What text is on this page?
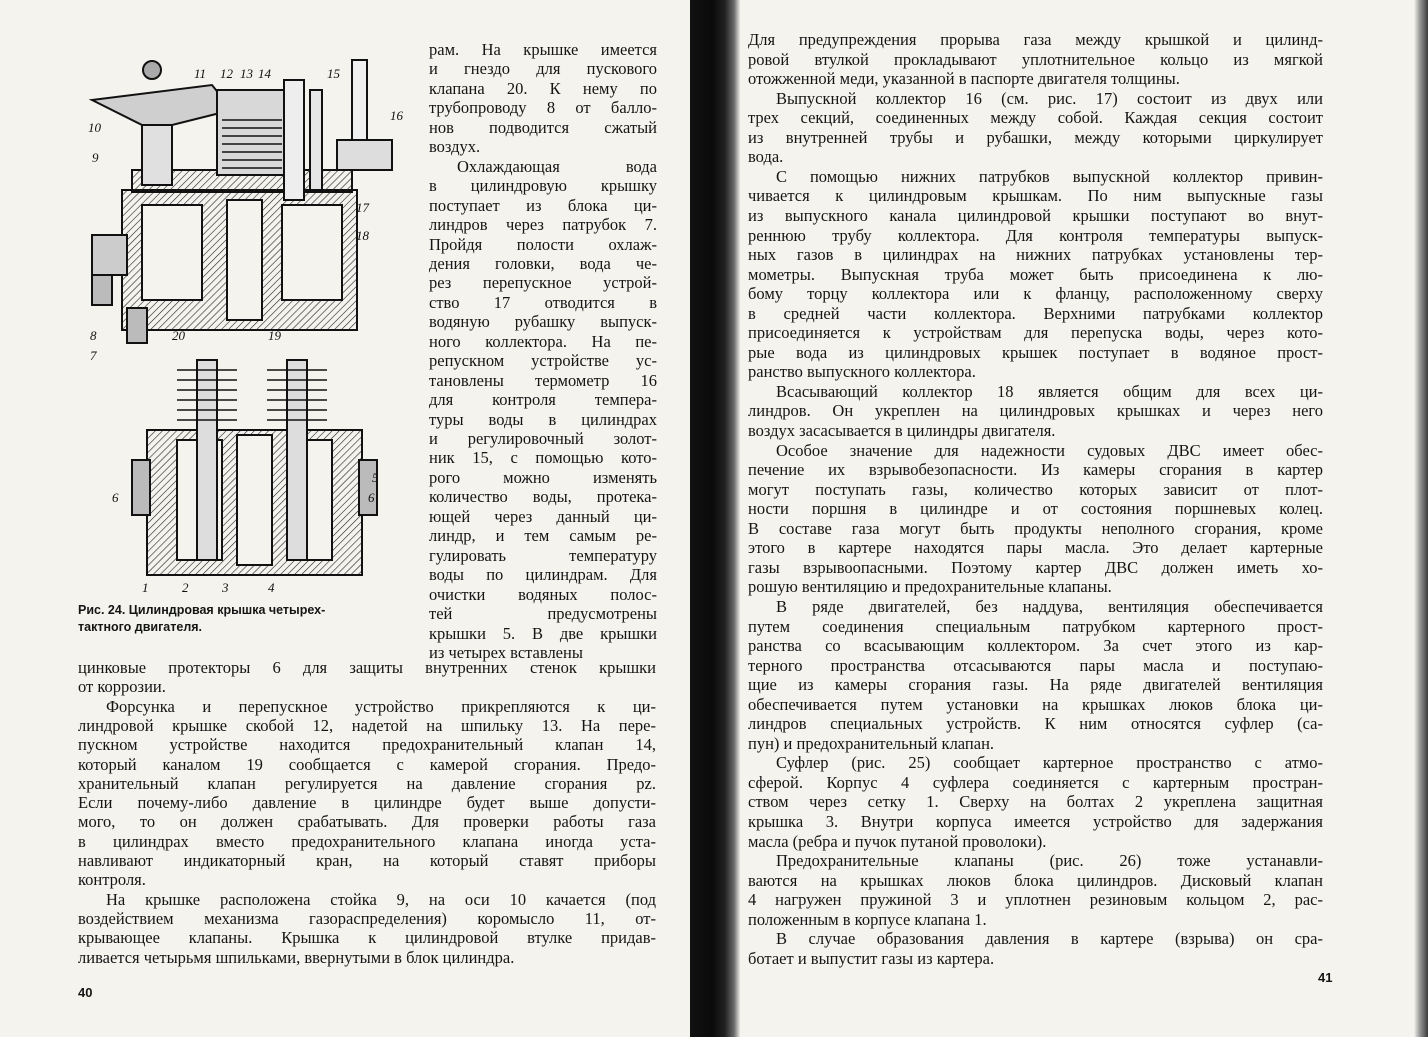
11 12 13 14	15
16
10
9
17
18
8
7
20	19
1	2	3	4
5
6	6
Рис. 24. Цилиндровая крышка четырех-
тактного двигателя.
рам. На крышке имеется
и гнездо для пускового
клапана 20. К нему по
трубопроводу 8 от балло-
нов подводится сжатый
воздух.
Охлаждающая вода
в цилиндровую крышку
поступает из блока ци-
линдров через патрубок 7.
Пройдя полости охлаж-
дения головки, вода че-
рез перепускное устрой-
ство 17 отводится в
водяную рубашку выпуск-
ного коллектора. На пе-
репускном устройстве ус-
тановлены термометр 16
для контроля темпера-
туры воды в цилиндрах
и регулировочный золот-
ник 15, с помощью кото-
рого можно изменять
количество воды, протека-
ющей через данный ци-
линдр, и тем самым ре-
гулировать температуру
воды по цилиндрам. Для
очистки водяных полос-
тей предусмотрены
крышки 5. В две крышки
из четырех вставлены
цинковые протекторы 6 для защиты внутренних стенок крышки
от коррозии.
Форсунка и перепускное устройство прикрепляются к ци-
линдровой крышке скобой 12, надетой на шпильку 13. На пере-
пускном устройстве находится предохранительный клапан 14,
который каналом 19 сообщается с камерой сгорания. Предо-
хранительный клапан регулируется на давление сгорания pz.
Если почему-либо давление в цилиндре будет выше допусти-
мого, то он должен срабатывать. Для проверки работы газа
в цилиндрах вместо предохранительного клапана иногда уста-
навливают индикаторный кран, на который ставят приборы
контроля.
На крышке расположена стойка 9, на оси 10 качается (под
воздействием механизма газораспределения) коромысло 11, от-
крывающее клапаны. Крышка к цилиндровой втулке придав-
ливается четырьмя шпильками, ввернутыми в блок цилиндра.
Для предупреждения прорыва газа между крышкой и цилинд-
ровой втулкой прокладывают уплотнительное кольцо из мягкой
отожженной меди, указанной в паспорте двигателя толщины.
Выпускной коллектор 16 (см. рис. 17) состоит из двух или
трех секций, соединенных между собой. Каждая секция состоит
из внутренней трубы и рубашки, между которыми циркулирует
вода.
С помощью нижних патрубков выпускной коллектор привин-
чивается к цилиндровым крышкам. По ним выпускные газы
из выпускного канала цилиндровой крышки поступают во внут-
реннюю трубу коллектора. Для контроля температуры выпуск-
ных газов в цилиндрах на нижних патрубках установлены тер-
мометры. Выпускная труба может быть присоединена к лю-
бому торцу коллектора или к фланцу, расположенному сверху
в средней части коллектора. Верхними патрубками коллектор
присоединяется к устройствам для перепуска воды, через кото-
рые вода из цилиндровых крышек поступает в водяное прост-
ранство выпускного коллектора.
Всасывающий коллектор 18 является общим для всех ци-
линдров. Он укреплен на цилиндровых крышках и через него
воздух засасывается в цилиндры двигателя.
Особое значение для надежности судовых ДВС имеет обес-
печение их взрывобезопасности. Из камеры сгорания в картер
могут поступать газы, количество которых зависит от плот-
ности поршня в цилиндре и от состояния поршневых колец.
В составе газа могут быть продукты неполного сгорания, кроме
этого в картере находятся пары масла. Это делает картерные
газы взрывоопасными. Поэтому картер ДВС должен иметь хо-
рошую вентиляцию и предохранительные клапаны.
В ряде двигателей, без наддува, вентиляция обеспечивается
путем соединения специальным патрубком картерного прост-
ранства со всасывающим коллектором. За счет этого из кар-
терного пространства отсасываются пары масла и поступаю-
щие из камеры сгорания газы. На ряде двигателей вентиляция
обеспечивается путем установки на крышках люков блока ци-
линдров специальных устройств. К ним относятся суфлер (са-
пун) и предохранительный клапан.
Суфлер (рис. 25) сообщает картерное пространство с атмо-
сферой. Корпус 4 суфлера соединяется с картерным простран-
ством через сетку 1. Сверху на болтах 2 укреплена защитная
крышка 3. Внутри корпуса имеется устройство для задержания
масла (ребра и пучок путаной проволоки).
Предохранительные клапаны (рис. 26) тоже устанавли-
ваются на крышках люков блока цилиндров. Дисковый клапан
4 нагружен пружиной 3 и уплотнен резиновым кольцом 2, рас-
положенным в корпусе клапана 1.
В случае образования давления в картере (взрыва) он сра-
ботает и выпустит газы из картера.
40
41
